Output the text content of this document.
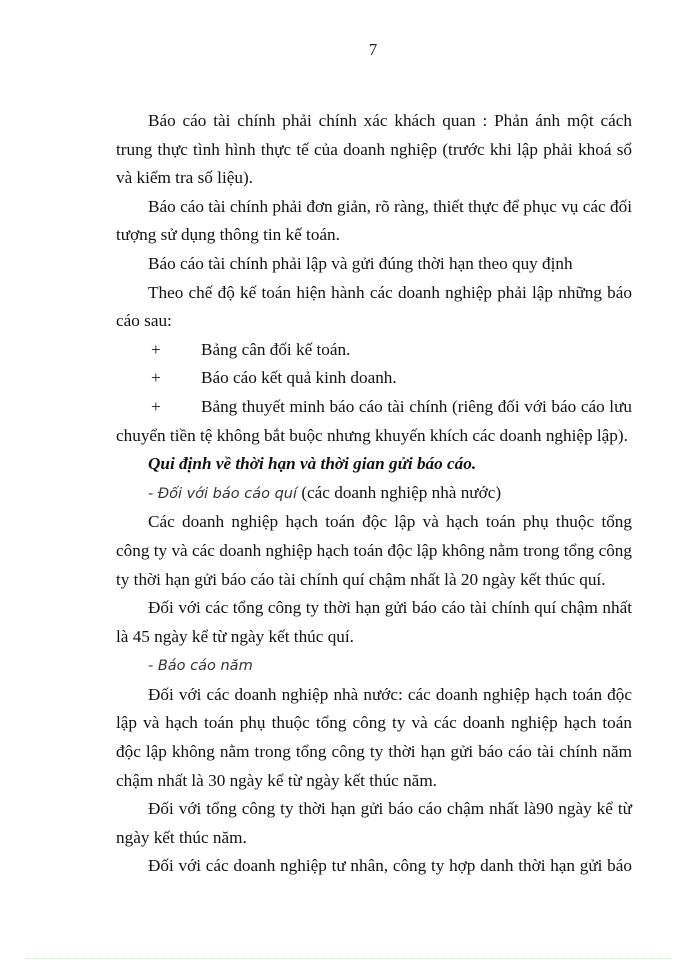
7

Báo cáo tài chính phải chính xác khách quan : Phản ánh một cách trung thực tình hình thực tế của doanh nghiệp (trước khi lập phải khoá sổ và kiểm tra số liệu).

Báo cáo tài chính phải đơn giản, rõ ràng, thiết thực để phục vụ các đối tượng sử dụng thông tin kế toán.

Báo cáo tài chính phải lập và gửi đúng thời hạn theo quy định

Theo chế độ kế toán hiện hành các doanh nghiệp phải lập những báo cáo sau:

+ Bảng cân đối kế toán.

+ Báo cáo kết quả kinh doanh.

+ Bảng thuyết minh báo cáo tài chính (riêng đối với báo cáo lưu chuyển tiền tệ không bắt buộc nhưng khuyến khích các doanh nghiệp lập).

Qui định về thời hạn và thời gian gửi báo cáo.

- Đối với báo cáo quí (các doanh nghiệp nhà nước)

Các doanh nghiệp hạch toán độc lập và hạch toán phụ thuộc tổng công ty và các doanh nghiệp hạch toán độc lập không nằm trong tổng công ty thời hạn gửi báo cáo tài chính quí chậm nhất là 20 ngày kết thúc quí.

Đối với các tổng công ty thời hạn gửi báo cáo tài chính quí chậm nhất là 45 ngày kể từ ngày kết thúc quí.

- Báo cáo năm

Đối với các doanh nghiệp nhà nước: các doanh nghiệp hạch toán độc lập và hạch toán phụ thuộc tổng công ty và các doanh nghiệp hạch toán độc lập không nằm trong tổng công ty thời hạn gửi báo cáo tài chính năm chậm nhất là 30 ngày kể từ ngày kết thúc năm.

Đối với tổng công ty thời hạn gửi báo cáo chậm nhất là90 ngày kể từ ngày kết thúc năm.

Đối với các doanh nghiệp tư nhân, công ty hợp danh thời hạn gửi báo
